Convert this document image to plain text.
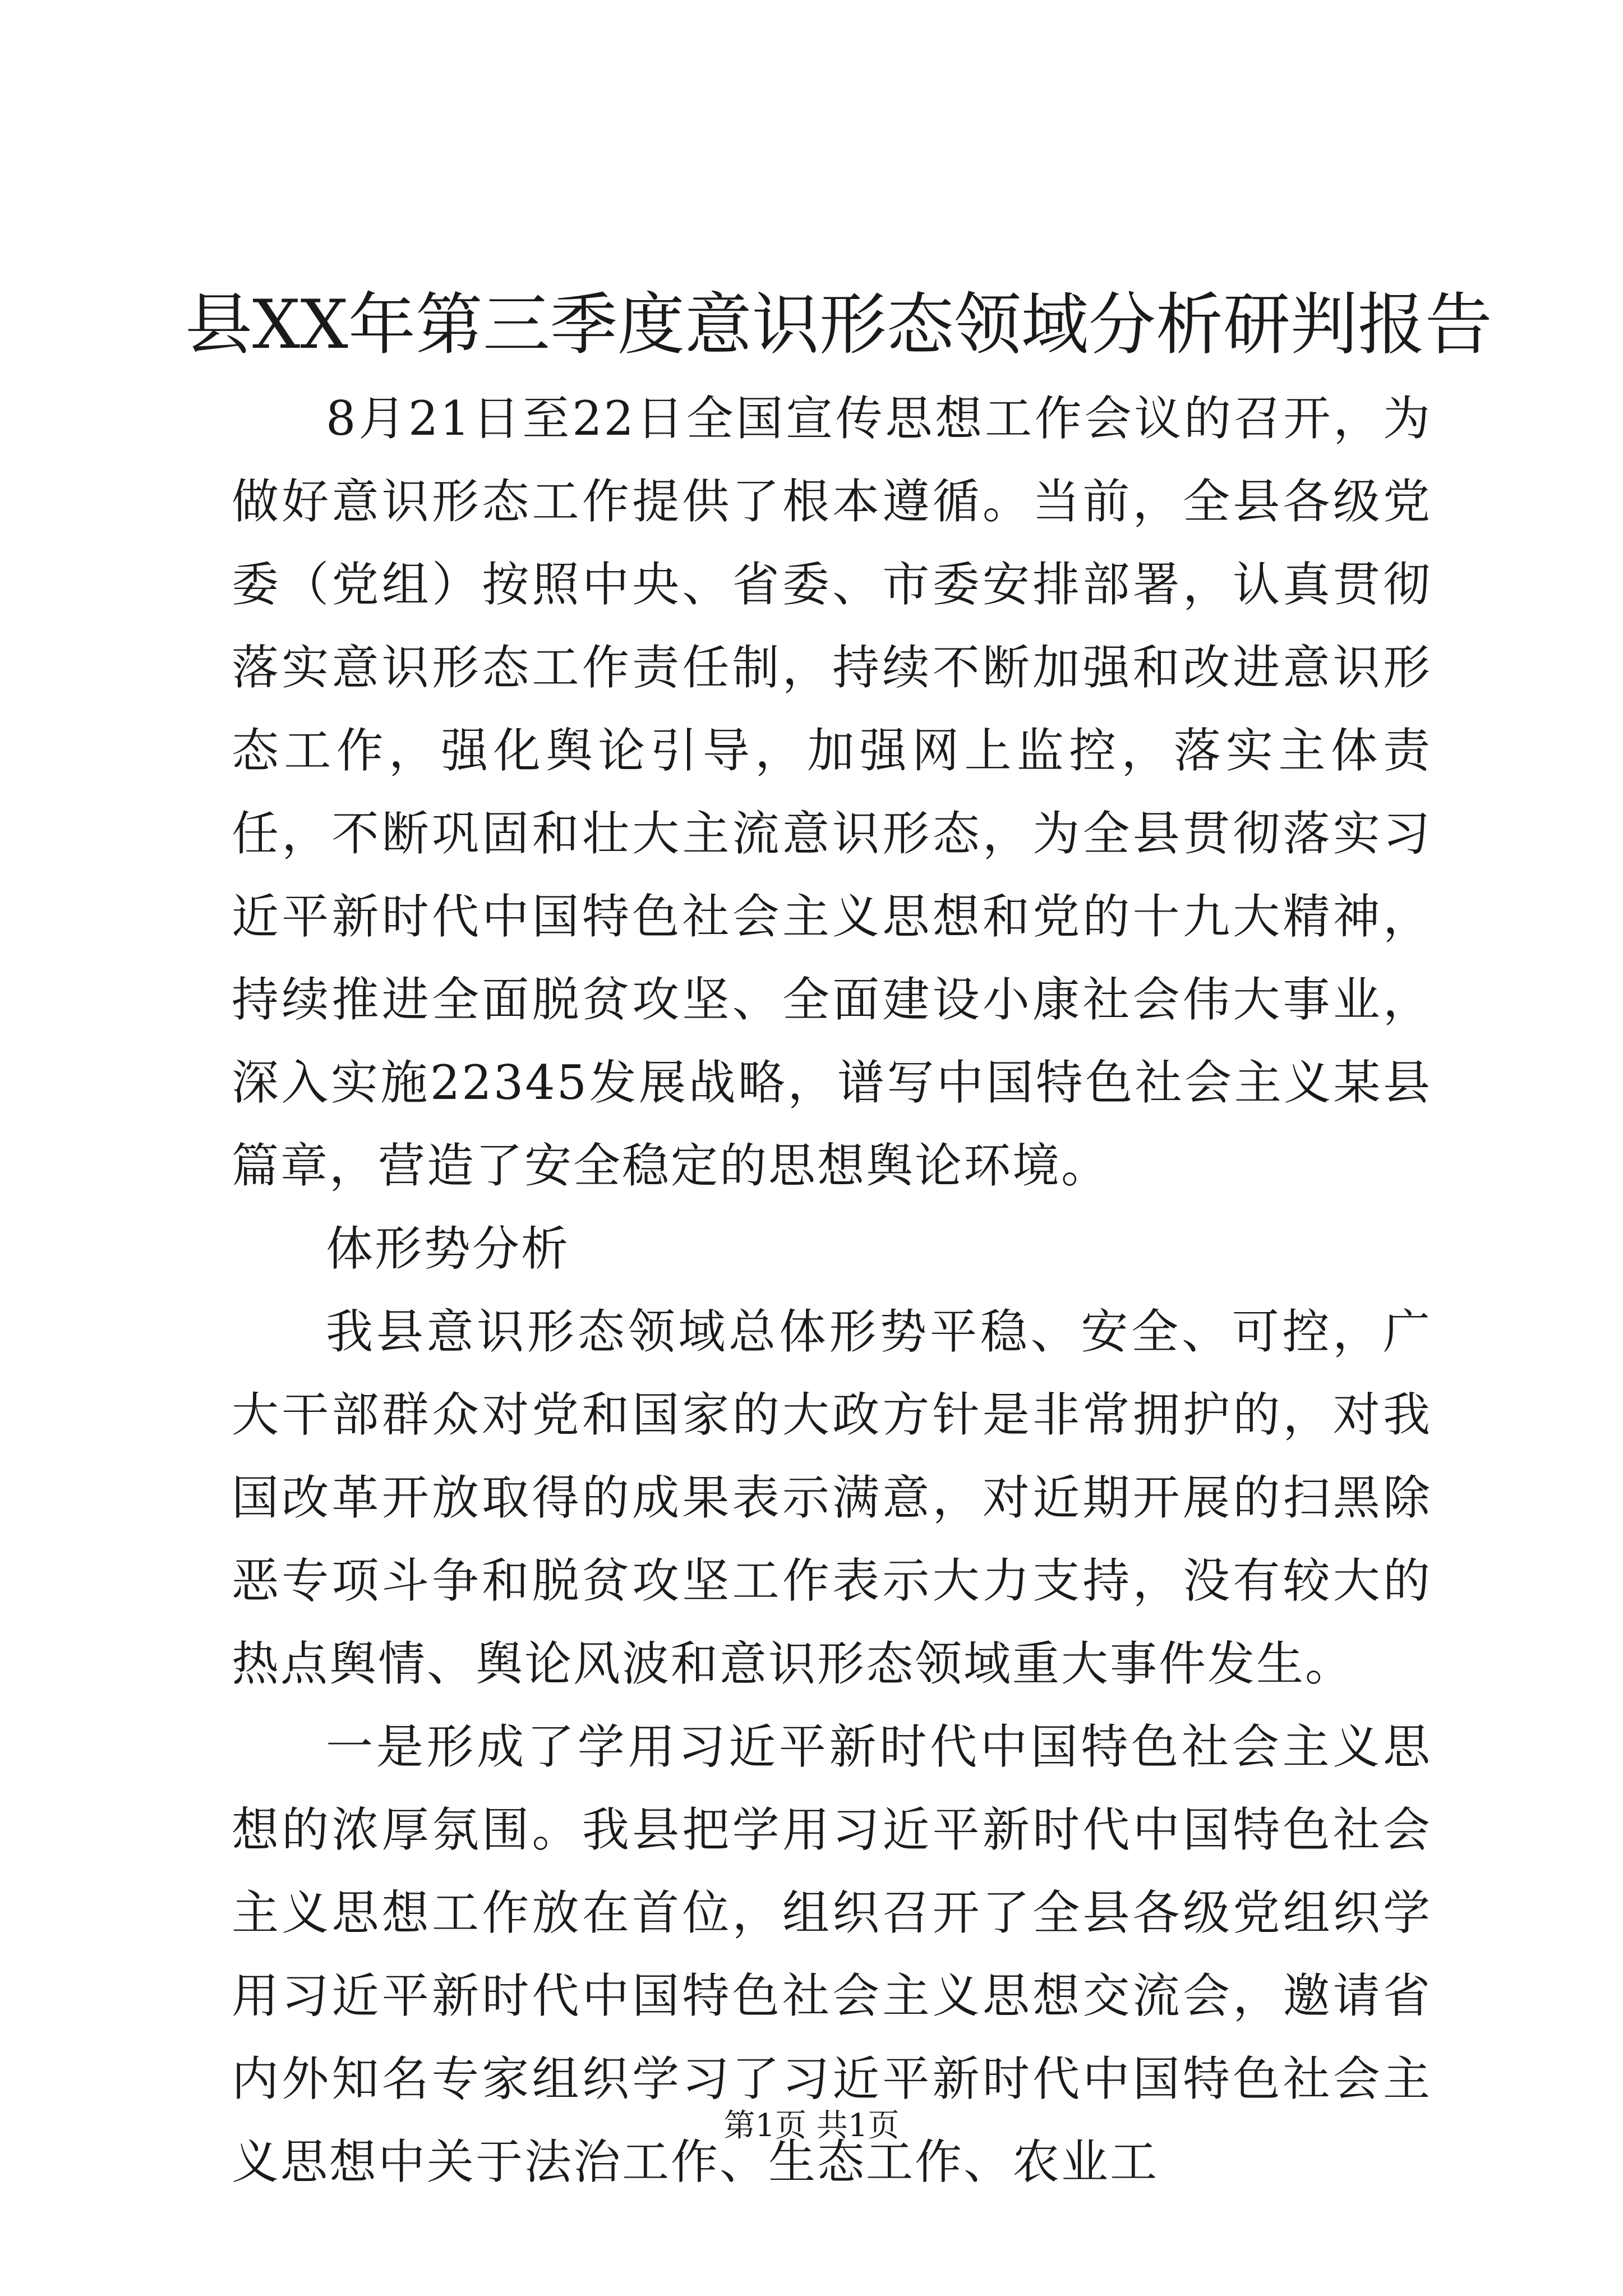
县XX年第三季度意识形态领域分析研判报告

8月21日至22日全国宣传思想工作会议的召开，为做好意识形态工作提供了根本遵循。当前，全县各级党委（党组）按照中央、省委、市委安排部署，认真贯彻落实意识形态工作责任制，持续不断加强和改进意识形态工作，强化舆论引导，加强网上监控，落实主体责任，不断巩固和壮大主流意识形态，为全县贯彻落实习近平新时代中国特色社会主义思想和党的十九大精神，持续推进全面脱贫攻坚、全面建设小康社会伟大事业，深入实施22345发展战略，谱写中国特色社会主义某县篇章，营造了安全稳定的思想舆论环境。

体形势分析

我县意识形态领域总体形势平稳、安全、可控，广大干部群众对党和国家的大政方针是非常拥护的，对我国改革开放取得的成果表示满意，对近期开展的扫黑除恶专项斗争和脱贫攻坚工作表示大力支持，没有较大的热点舆情、舆论风波和意识形态领域重大事件发生。

一是形成了学用习近平新时代中国特色社会主义思想的浓厚氛围。我县把学用习近平新时代中国特色社会主义思想工作放在首位，组织召开了全县各级党组织学用习近平新时代中国特色社会主义思想交流会，邀请省内外知名专家组织学习了习近平新时代中国特色社会主义思想中关于法治工作、生态工作、农业工

第1页 共1页
